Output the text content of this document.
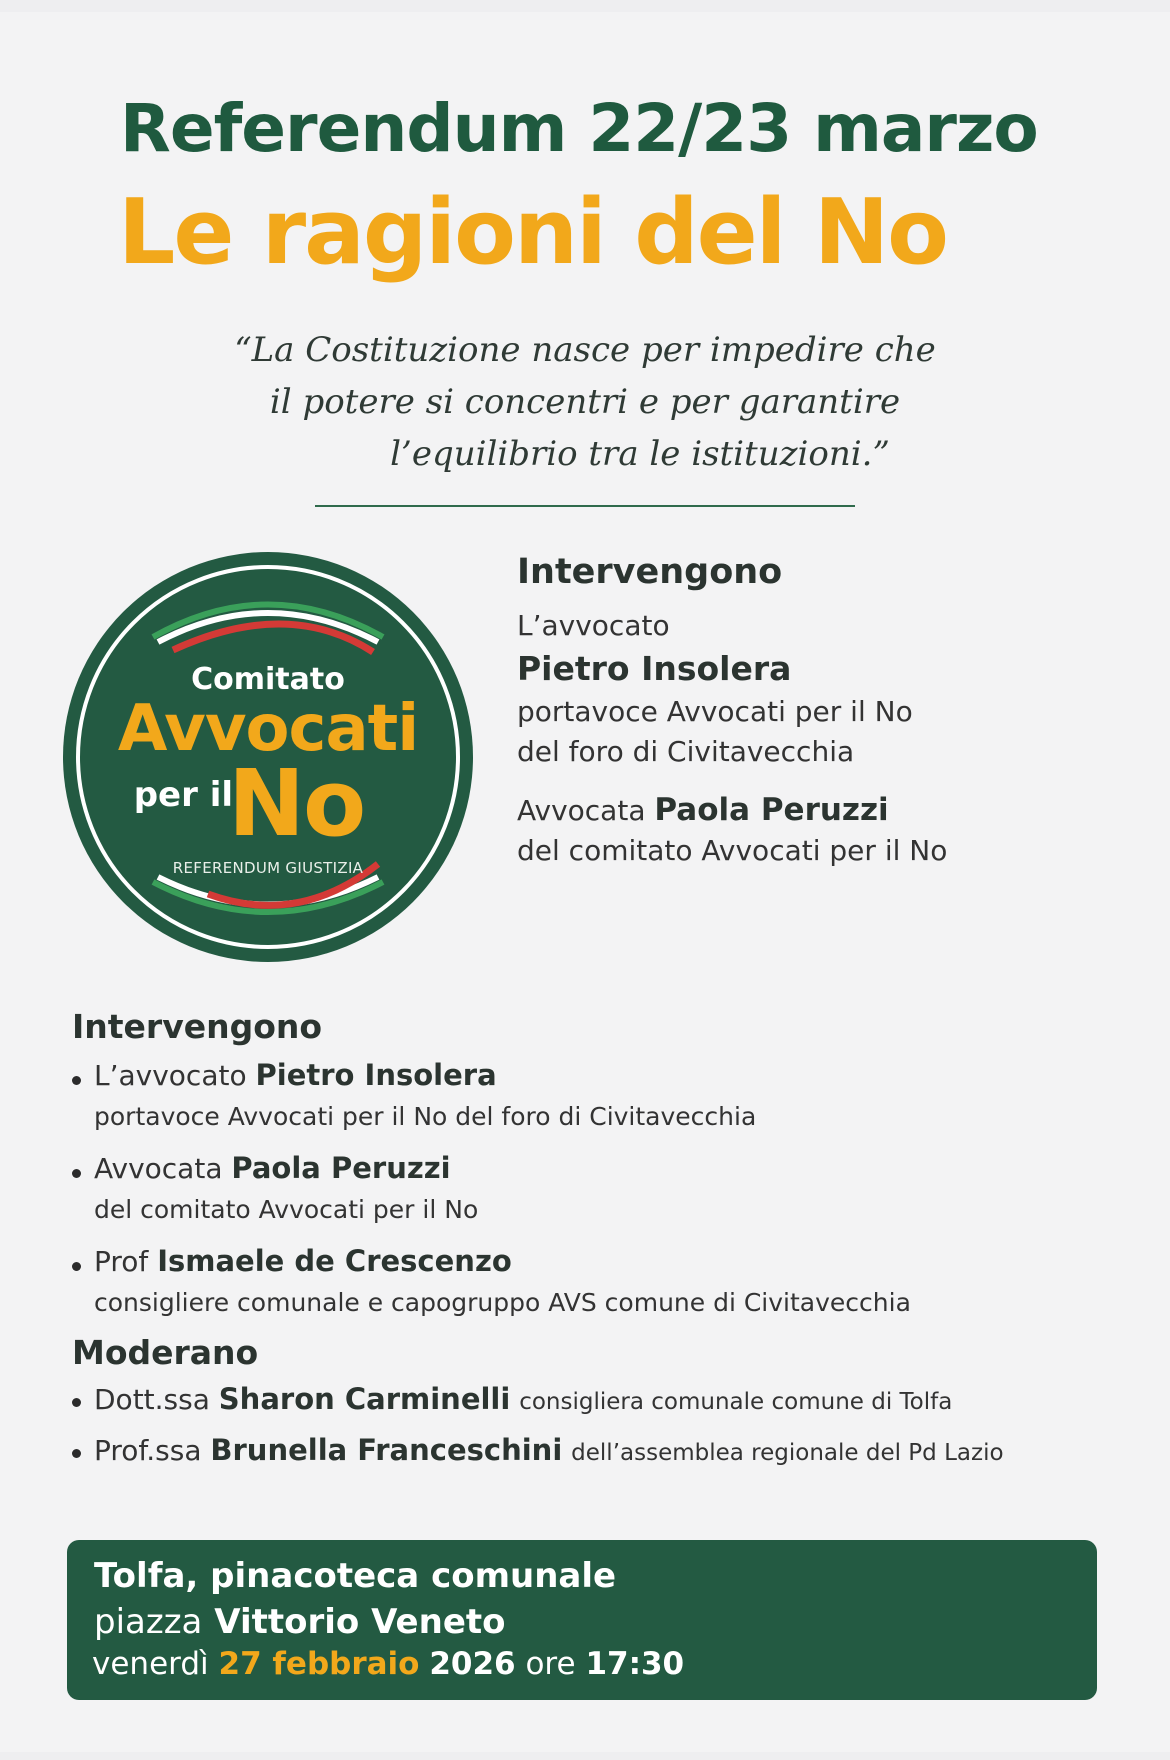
Referendum 22/23 marzo
Le ragioni del No
“La Costituzione nasce per impedire che
il potere si concentri e per garantire
l’equilibrio tra le istituzioni.”
Comitato
Avvocati
per il
No
REFERENDUM GIUSTIZIA
Intervengono
L’avvocato
Pietro Insolera
portavoce Avvocati per il No
del foro di Civitavecchia
Avvocata Paola Peruzzi
del comitato Avvocati per il No
Intervengono
L’avvocato Pietro Insolera
portavoce Avvocati per il No del foro di Civitavecchia
Avvocata Paola Peruzzi
del comitato Avvocati per il No
Prof Ismaele de Crescenzo
consigliere comunale e capogruppo AVS comune di Civitavecchia
Moderano
Dott.ssa Sharon Carminelli consigliera comunale comune di Tolfa
Prof.ssa Brunella Franceschini dell’assemblea regionale del Pd Lazio
Tolfa, pinacoteca comunale
piazza Vittorio Veneto
venerdì 27 febbraio 2026 ore 17:30
